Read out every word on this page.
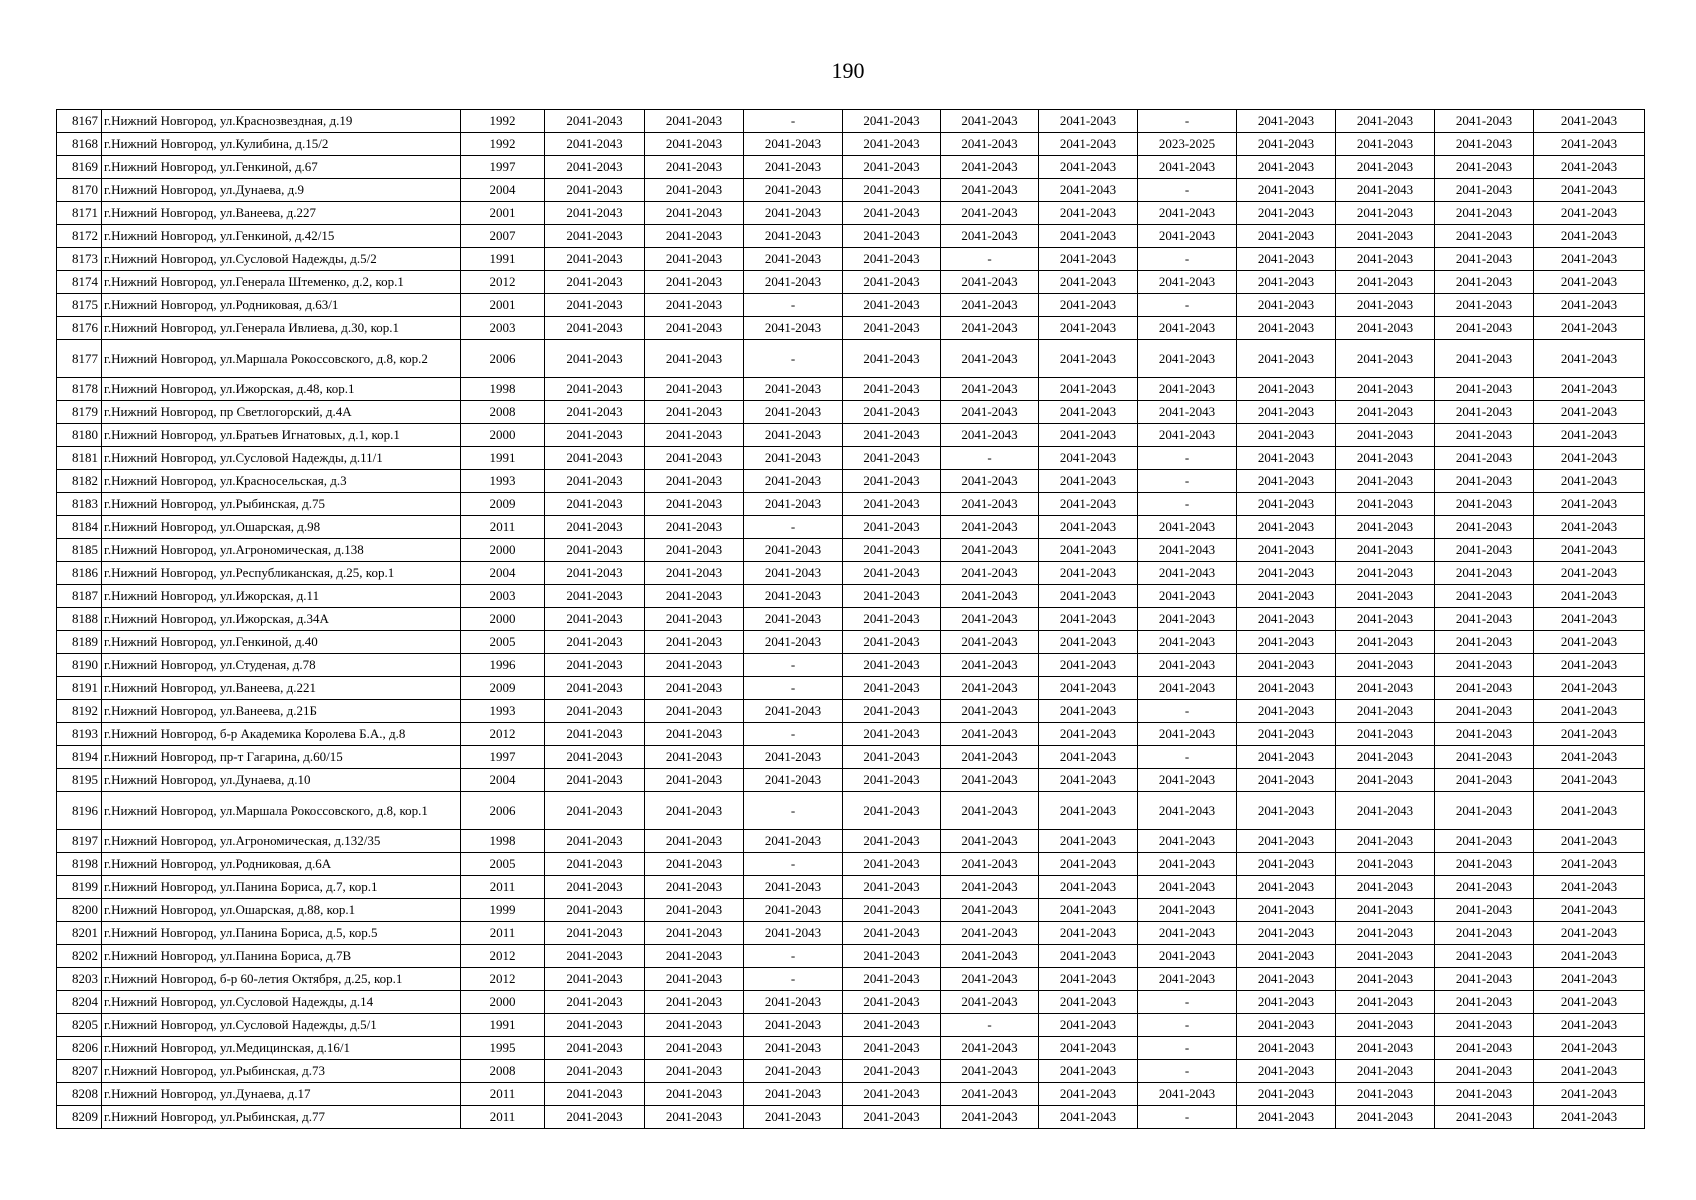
190
8167	г.Нижний Новгород, ул.Краснозвездная, д.19	1992	2041-2043	2041-2043	-	2041-2043	2041-2043	2041-2043	-	2041-2043	2041-2043	2041-2043	2041-2043
8168	г.Нижний Новгород, ул.Кулибина, д.15/2	1992	2041-2043	2041-2043	2041-2043	2041-2043	2041-2043	2041-2043	2023-2025	2041-2043	2041-2043	2041-2043	2041-2043
8169	г.Нижний Новгород, ул.Генкиной, д.67	1997	2041-2043	2041-2043	2041-2043	2041-2043	2041-2043	2041-2043	2041-2043	2041-2043	2041-2043	2041-2043	2041-2043
8170	г.Нижний Новгород, ул.Дунаева, д.9	2004	2041-2043	2041-2043	2041-2043	2041-2043	2041-2043	2041-2043	-	2041-2043	2041-2043	2041-2043	2041-2043
8171	г.Нижний Новгород, ул.Ванеева, д.227	2001	2041-2043	2041-2043	2041-2043	2041-2043	2041-2043	2041-2043	2041-2043	2041-2043	2041-2043	2041-2043	2041-2043
8172	г.Нижний Новгород, ул.Генкиной, д.42/15	2007	2041-2043	2041-2043	2041-2043	2041-2043	2041-2043	2041-2043	2041-2043	2041-2043	2041-2043	2041-2043	2041-2043
8173	г.Нижний Новгород, ул.Сусловой Надежды, д.5/2	1991	2041-2043	2041-2043	2041-2043	2041-2043	-	2041-2043	-	2041-2043	2041-2043	2041-2043	2041-2043
8174	г.Нижний Новгород, ул.Генерала Штеменко, д.2, кор.1	2012	2041-2043	2041-2043	2041-2043	2041-2043	2041-2043	2041-2043	2041-2043	2041-2043	2041-2043	2041-2043	2041-2043
8175	г.Нижний Новгород, ул.Родниковая, д.63/1	2001	2041-2043	2041-2043	-	2041-2043	2041-2043	2041-2043	-	2041-2043	2041-2043	2041-2043	2041-2043
8176	г.Нижний Новгород, ул.Генерала Ивлиева, д.30, кор.1	2003	2041-2043	2041-2043	2041-2043	2041-2043	2041-2043	2041-2043	2041-2043	2041-2043	2041-2043	2041-2043	2041-2043
8177	г.Нижний Новгород, ул.Маршала Рокоссовского, д.8, кор.2	2006	2041-2043	2041-2043	-	2041-2043	2041-2043	2041-2043	2041-2043	2041-2043	2041-2043	2041-2043	2041-2043
8178	г.Нижний Новгород, ул.Ижорская, д.48, кор.1	1998	2041-2043	2041-2043	2041-2043	2041-2043	2041-2043	2041-2043	2041-2043	2041-2043	2041-2043	2041-2043	2041-2043
8179	г.Нижний Новгород, пр Светлогорский, д.4А	2008	2041-2043	2041-2043	2041-2043	2041-2043	2041-2043	2041-2043	2041-2043	2041-2043	2041-2043	2041-2043	2041-2043
8180	г.Нижний Новгород, ул.Братьев Игнатовых, д.1, кор.1	2000	2041-2043	2041-2043	2041-2043	2041-2043	2041-2043	2041-2043	2041-2043	2041-2043	2041-2043	2041-2043	2041-2043
8181	г.Нижний Новгород, ул.Сусловой Надежды, д.11/1	1991	2041-2043	2041-2043	2041-2043	2041-2043	-	2041-2043	-	2041-2043	2041-2043	2041-2043	2041-2043
8182	г.Нижний Новгород, ул.Красносельская, д.3	1993	2041-2043	2041-2043	2041-2043	2041-2043	2041-2043	2041-2043	-	2041-2043	2041-2043	2041-2043	2041-2043
8183	г.Нижний Новгород, ул.Рыбинская, д.75	2009	2041-2043	2041-2043	2041-2043	2041-2043	2041-2043	2041-2043	-	2041-2043	2041-2043	2041-2043	2041-2043
8184	г.Нижний Новгород, ул.Ошарская, д.98	2011	2041-2043	2041-2043	-	2041-2043	2041-2043	2041-2043	2041-2043	2041-2043	2041-2043	2041-2043	2041-2043
8185	г.Нижний Новгород, ул.Агрономическая, д.138	2000	2041-2043	2041-2043	2041-2043	2041-2043	2041-2043	2041-2043	2041-2043	2041-2043	2041-2043	2041-2043	2041-2043
8186	г.Нижний Новгород, ул.Республиканская, д.25, кор.1	2004	2041-2043	2041-2043	2041-2043	2041-2043	2041-2043	2041-2043	2041-2043	2041-2043	2041-2043	2041-2043	2041-2043
8187	г.Нижний Новгород, ул.Ижорская, д.11	2003	2041-2043	2041-2043	2041-2043	2041-2043	2041-2043	2041-2043	2041-2043	2041-2043	2041-2043	2041-2043	2041-2043
8188	г.Нижний Новгород, ул.Ижорская, д.34А	2000	2041-2043	2041-2043	2041-2043	2041-2043	2041-2043	2041-2043	2041-2043	2041-2043	2041-2043	2041-2043	2041-2043
8189	г.Нижний Новгород, ул.Генкиной, д.40	2005	2041-2043	2041-2043	2041-2043	2041-2043	2041-2043	2041-2043	2041-2043	2041-2043	2041-2043	2041-2043	2041-2043
8190	г.Нижний Новгород, ул.Студеная, д.78	1996	2041-2043	2041-2043	-	2041-2043	2041-2043	2041-2043	2041-2043	2041-2043	2041-2043	2041-2043	2041-2043
8191	г.Нижний Новгород, ул.Ванеева, д.221	2009	2041-2043	2041-2043	-	2041-2043	2041-2043	2041-2043	2041-2043	2041-2043	2041-2043	2041-2043	2041-2043
8192	г.Нижний Новгород, ул.Ванеева, д.21Б	1993	2041-2043	2041-2043	2041-2043	2041-2043	2041-2043	2041-2043	-	2041-2043	2041-2043	2041-2043	2041-2043
8193	г.Нижний Новгород, б-р Академика Королева Б.А., д.8	2012	2041-2043	2041-2043	-	2041-2043	2041-2043	2041-2043	2041-2043	2041-2043	2041-2043	2041-2043	2041-2043
8194	г.Нижний Новгород, пр-т Гагарина, д.60/15	1997	2041-2043	2041-2043	2041-2043	2041-2043	2041-2043	2041-2043	-	2041-2043	2041-2043	2041-2043	2041-2043
8195	г.Нижний Новгород, ул.Дунаева, д.10	2004	2041-2043	2041-2043	2041-2043	2041-2043	2041-2043	2041-2043	2041-2043	2041-2043	2041-2043	2041-2043	2041-2043
8196	г.Нижний Новгород, ул.Маршала Рокоссовского, д.8, кор.1	2006	2041-2043	2041-2043	-	2041-2043	2041-2043	2041-2043	2041-2043	2041-2043	2041-2043	2041-2043	2041-2043
8197	г.Нижний Новгород, ул.Агрономическая, д.132/35	1998	2041-2043	2041-2043	2041-2043	2041-2043	2041-2043	2041-2043	2041-2043	2041-2043	2041-2043	2041-2043	2041-2043
8198	г.Нижний Новгород, ул.Родниковая, д.6А	2005	2041-2043	2041-2043	-	2041-2043	2041-2043	2041-2043	2041-2043	2041-2043	2041-2043	2041-2043	2041-2043
8199	г.Нижний Новгород, ул.Панина Бориса, д.7, кор.1	2011	2041-2043	2041-2043	2041-2043	2041-2043	2041-2043	2041-2043	2041-2043	2041-2043	2041-2043	2041-2043	2041-2043
8200	г.Нижний Новгород, ул.Ошарская, д.88, кор.1	1999	2041-2043	2041-2043	2041-2043	2041-2043	2041-2043	2041-2043	2041-2043	2041-2043	2041-2043	2041-2043	2041-2043
8201	г.Нижний Новгород, ул.Панина Бориса, д.5, кор.5	2011	2041-2043	2041-2043	2041-2043	2041-2043	2041-2043	2041-2043	2041-2043	2041-2043	2041-2043	2041-2043	2041-2043
8202	г.Нижний Новгород, ул.Панина Бориса, д.7В	2012	2041-2043	2041-2043	-	2041-2043	2041-2043	2041-2043	2041-2043	2041-2043	2041-2043	2041-2043	2041-2043
8203	г.Нижний Новгород, б-р 60-летия Октября, д.25, кор.1	2012	2041-2043	2041-2043	-	2041-2043	2041-2043	2041-2043	2041-2043	2041-2043	2041-2043	2041-2043	2041-2043
8204	г.Нижний Новгород, ул.Сусловой Надежды, д.14	2000	2041-2043	2041-2043	2041-2043	2041-2043	2041-2043	2041-2043	-	2041-2043	2041-2043	2041-2043	2041-2043
8205	г.Нижний Новгород, ул.Сусловой Надежды, д.5/1	1991	2041-2043	2041-2043	2041-2043	2041-2043	-	2041-2043	-	2041-2043	2041-2043	2041-2043	2041-2043
8206	г.Нижний Новгород, ул.Медицинская, д.16/1	1995	2041-2043	2041-2043	2041-2043	2041-2043	2041-2043	2041-2043	-	2041-2043	2041-2043	2041-2043	2041-2043
8207	г.Нижний Новгород, ул.Рыбинская, д.73	2008	2041-2043	2041-2043	2041-2043	2041-2043	2041-2043	2041-2043	-	2041-2043	2041-2043	2041-2043	2041-2043
8208	г.Нижний Новгород, ул.Дунаева, д.17	2011	2041-2043	2041-2043	2041-2043	2041-2043	2041-2043	2041-2043	2041-2043	2041-2043	2041-2043	2041-2043	2041-2043
8209	г.Нижний Новгород, ул.Рыбинская, д.77	2011	2041-2043	2041-2043	2041-2043	2041-2043	2041-2043	2041-2043	-	2041-2043	2041-2043	2041-2043	2041-2043
